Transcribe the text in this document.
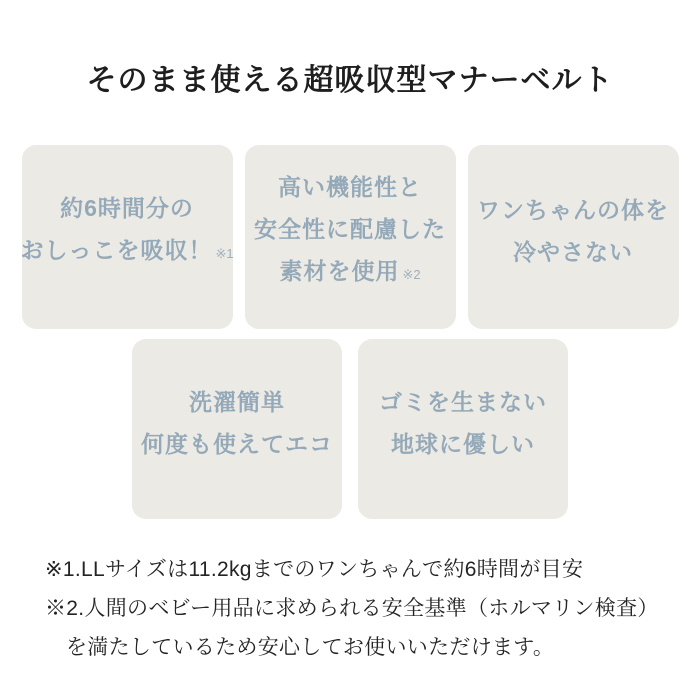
そのまま使える超吸収型マナーベルト
約6時間分の
おしっこを吸収！ ※1
高い機能性と
安全性に配慮した
素材を使用 ※2
ワンちゃんの体を
冷やさない
洗濯簡単
何度も使えてエコ
ゴミを生まない
地球に優しい

※1.LLサイズは11.2kgまでのワンちゃんで約6時間が目安

※2.人間のベビー用品に求められる安全基準（ホルマリン検査）

を満たしているため安心してお使いいただけます。
